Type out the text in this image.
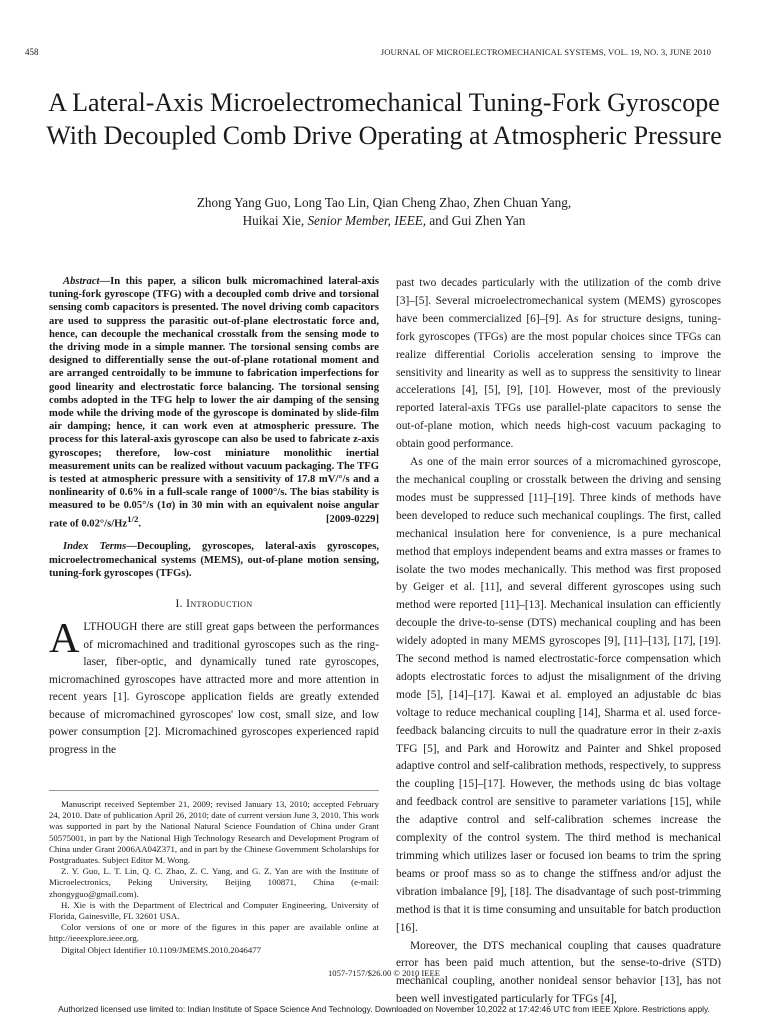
458	JOURNAL OF MICROELECTROMECHANICAL SYSTEMS, VOL. 19, NO. 3, JUNE 2010
A Lateral-Axis Microelectromechanical Tuning-Fork Gyroscope With Decoupled Comb Drive Operating at Atmospheric Pressure
Zhong Yang Guo, Long Tao Lin, Qian Cheng Zhao, Zhen Chuan Yang,
Huikai Xie, Senior Member, IEEE, and Gui Zhen Yan

Abstract—In this paper, a silicon bulk micromachined lateral-axis tuning-fork gyroscope (TFG) with a decoupled comb drive and torsional sensing comb capacitors is presented. The novel driving comb capacitors are used to suppress the parasitic out-of-plane electrostatic force and, hence, can decouple the mechanical crosstalk from the sensing mode to the driving mode in a simple manner. The torsional sensing combs are designed to differentially sense the out-of-plane rotational moment and are arranged centroidally to be immune to fabrication imperfections for good linearity and electrostatic force balancing. The torsional sensing combs adopted in the TFG help to lower the air damping of the sensing mode while the driving mode of the gyroscope is dominated by slide-film air damping; hence, it can work even at atmospheric pressure. The process for this lateral-axis gyroscope can also be used to fabricate z-axis gyroscopes; therefore, low-cost miniature monolithic inertial measurement units can be realized without vacuum packaging. The TFG is tested at atmospheric pressure with a sensitivity of 17.8 mV/°/s and a nonlinearity of 0.6% in a full-scale range of 1000°/s. The bias stability is measured to be 0.05°/s (1σ) in 30 min with an equivalent noise angular rate of $0.02^\circ/s/Hz^{1/2}$.	[2009-0229]

Index Terms—Decoupling, gyroscopes, lateral-axis gyroscopes, microelectromechanical systems (MEMS), out-of-plane motion sensing, tuning-fork gyroscopes (TFGs).

I. Introduction

ALTHOUGH there are still great gaps between the performances of micromachined and traditional gyroscopes such as the ring-laser, fiber-optic, and dynamically tuned rate gyroscopes, micromachined gyroscopes have attracted more and more attention in recent years [1]. Gyroscope application fields are greatly extended because of micromachined gyroscopes' low cost, small size, and low power consumption [2]. Micromachined gyroscopes experienced rapid progress in the

Manuscript received September 21, 2009; revised January 13, 2010; accepted February 24, 2010. Date of publication April 26, 2010; date of current version June 3, 2010. This work was supported in part by the National Natural Science Foundation of China under Grant 50575001, in part by the National High Technology Research and Development Program of China under Grant 2006AA04Z371, and in part by the Chinese Government Scholarships for Postgraduates. Subject Editor M. Wong.

Z. Y. Guo, L. T. Lin, Q. C. Zhao, Z. C. Yang, and G. Z. Yan are with the Institute of Microelectronics, Peking University, Beijing 100871, China (e-mail: zhongyguo@gmail.com).

H. Xie is with the Department of Electrical and Computer Engineering, University of Florida, Gainesville, FL 32601 USA.

Color versions of one or more of the figures in this paper are available online at http://ieeexplore.ieee.org.

Digital Object Identifier 10.1109/JMEMS.2010.2046477

past two decades particularly with the utilization of the comb drive [3]–[5]. Several microelectromechanical system (MEMS) gyroscopes have been commercialized [6]–[9]. As for structure designs, tuning-fork gyroscopes (TFGs) are the most popular choices since TFGs can realize differential Coriolis acceleration sensing to improve the sensitivity and linearity as well as to suppress the sensitivity to linear accelerations [4], [5], [9], [10]. However, most of the previously reported lateral-axis TFGs use parallel-plate capacitors to sense the out-of-plane motion, which needs high-cost vacuum packaging to obtain good performance.

As one of the main error sources of a micromachined gyroscope, the mechanical coupling or crosstalk between the driving and sensing modes must be suppressed [11]–[19]. Three kinds of methods have been developed to reduce such mechanical couplings. The first, called mechanical insulation here for convenience, is a pure mechanical method that employs independent beams and extra masses or frames to isolate the two modes mechanically. This method was first proposed by Geiger et al. [11], and several different gyroscopes using such method were reported [11]–[13]. Mechanical insulation can efficiently decouple the drive-to-sense (DTS) mechanical coupling and has been widely adopted in many MEMS gyroscopes [9], [11]–[13], [17], [19]. The second method is named electrostatic-force compensation which adopts electrostatic forces to adjust the misalignment of the driving mode [5], [14]–[17]. Kawai et al. employed an adjustable dc bias voltage to reduce mechanical coupling [14], Sharma et al. used force-feedback balancing circuits to null the quadrature error in their z-axis TFG [5], and Park and Horowitz and Painter and Shkel proposed adaptive control and self-calibration methods, respectively, to suppress the coupling [15]–[17]. However, the methods using dc bias voltage and feedback control are sensitive to parameter variations [15], while the adaptive control and self-calibration schemes increase the complexity of the control system. The third method is mechanical trimming which utilizes laser or focused ion beams to trim the spring beams or proof mass so as to change the stiffness and/or adjust the vibration imbalance [9], [18]. The disadvantage of such post-trimming method is that it is time consuming and unsuitable for batch production [16].

Moreover, the DTS mechanical coupling that causes quadrature error has been paid much attention, but the sense-to-drive (STD) mechanical coupling, another nonideal sensor behavior [13], has not been well investigated particularly for TFGs [4],

1057-7157/$26.00 © 2010 IEEE
Authorized licensed use limited to: Indian Institute of Space Science And Technology. Downloaded on November 10,2022 at 17:42:46 UTC from IEEE Xplore. Restrictions apply.
